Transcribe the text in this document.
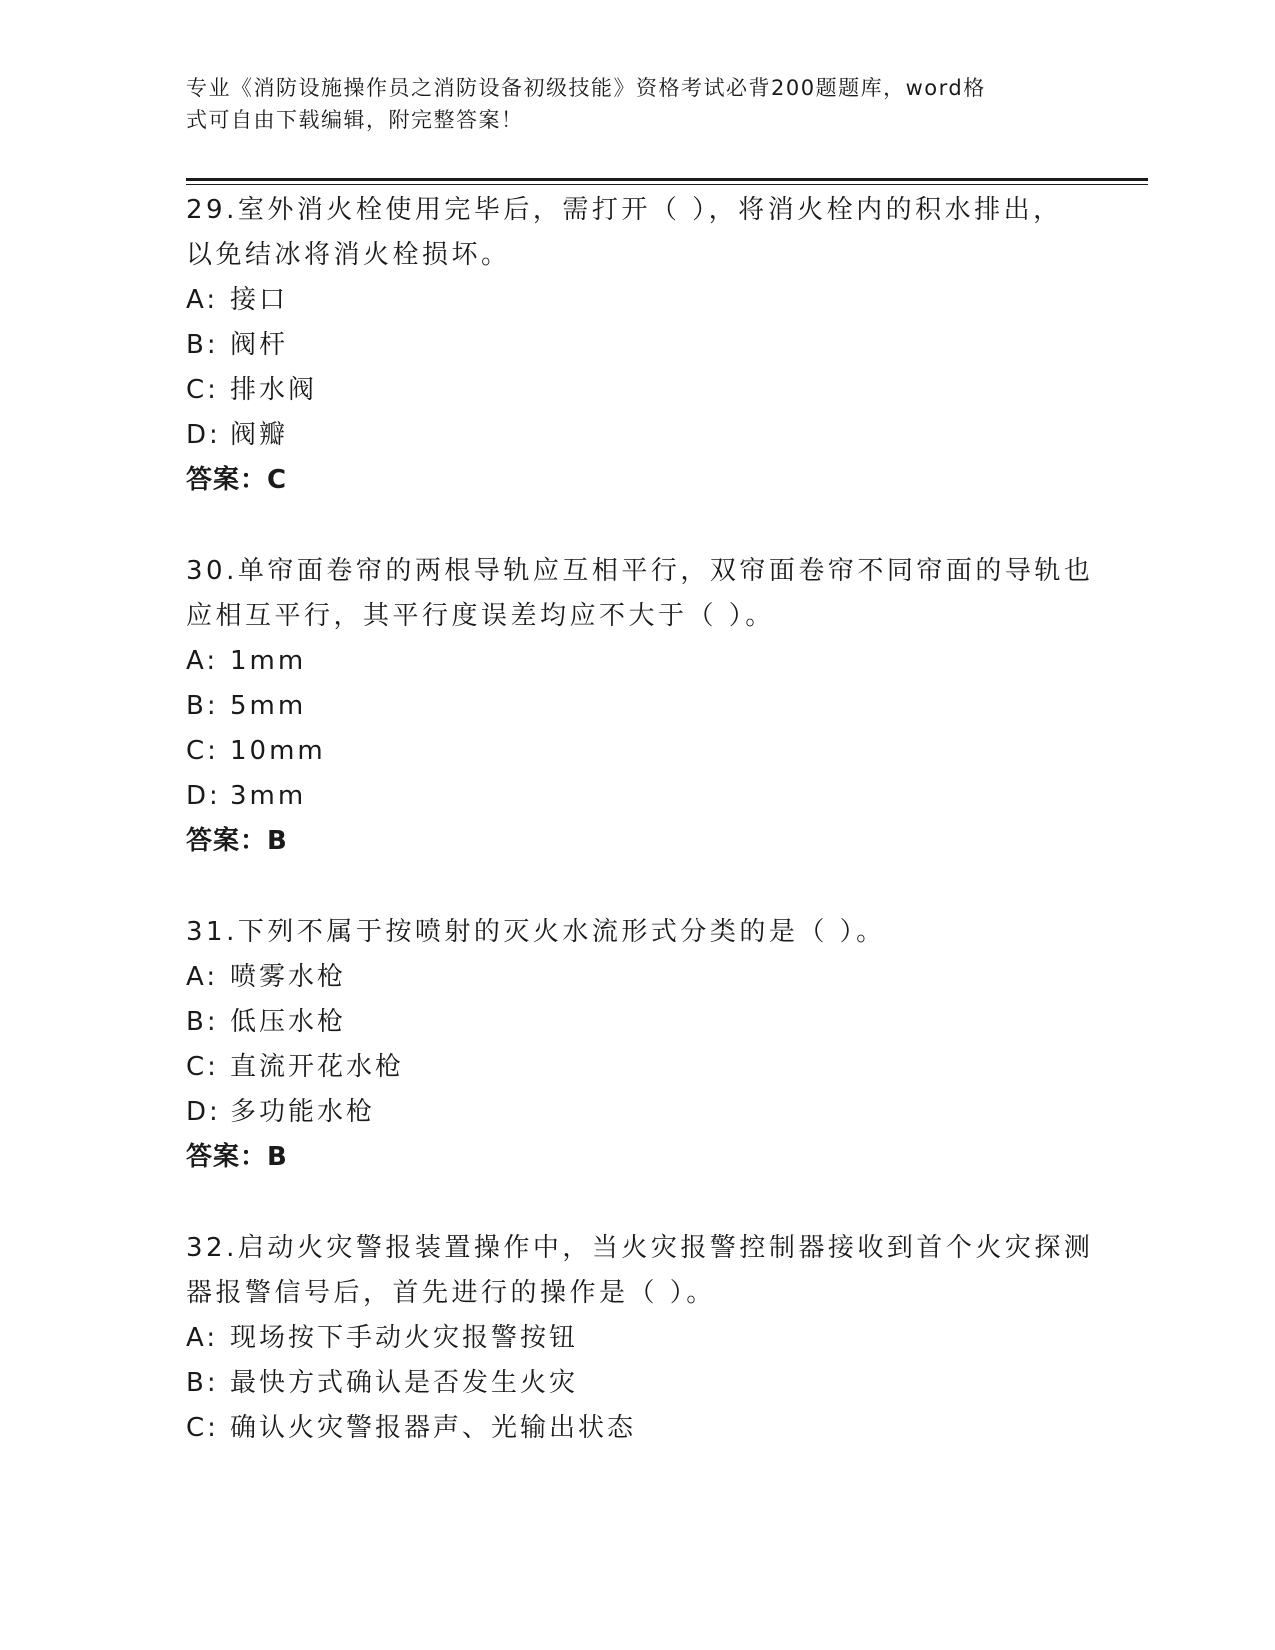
专业《消防设施操作员之消防设备初级技能》资格考试必背200题题库，word格
式可自由下载编辑，附完整答案！
29.室外消火栓使用完毕后，需打开（ ），将消火栓内的积水排出，
以免结冰将消火栓损坏。
A: 接口
B: 阀杆
C: 排水阀
D: 阀瓣
答案：C
30.单帘面卷帘的两根导轨应互相平行，双帘面卷帘不同帘面的导轨也
应相互平行，其平行度误差均应不大于（ ）。
A: 1mm
B: 5mm
C: 10mm
D: 3mm
答案：B
31.下列不属于按喷射的灭火水流形式分类的是（ ）。
A: 喷雾水枪
B: 低压水枪
C: 直流开花水枪
D: 多功能水枪
答案：B
32.启动火灾警报装置操作中，当火灾报警控制器接收到首个火灾探测
器报警信号后，首先进行的操作是（ ）。
A: 现场按下手动火灾报警按钮
B: 最快方式确认是否发生火灾
C: 确认火灾警报器声、光输出状态
